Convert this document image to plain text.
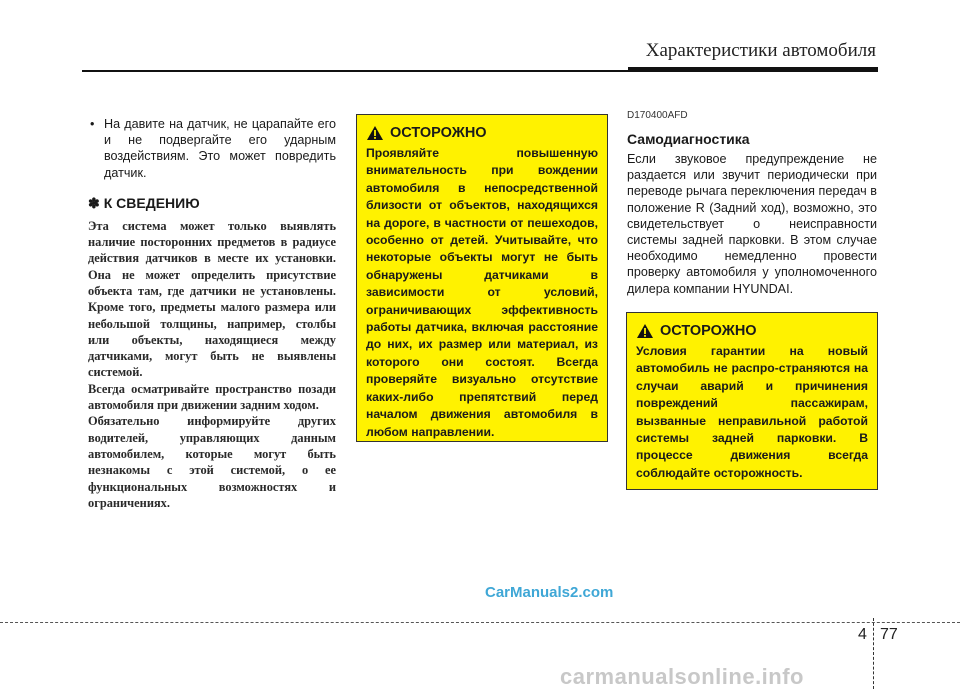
Характеристики автомобиля

• На давите на датчик, не царапайте его и не подвергайте его ударным воздействиям. Это может повредить датчик.

✽ К СВЕДЕНИЮ

Эта система может только выявлять наличие посторонних предметов в радиусе действия датчиков в месте их установки. Она не может определить присутствие объекта там, где датчики не установлены. Кроме того, предметы малого размера или небольшой толщины, например, столбы или объекты, находящиеся между датчиками, могут быть не выявлены системой.

Всегда осматривайте пространство позади автомобиля при движении задним ходом.

Обязательно информируйте других водителей, управляющих данным автомобилем, которые могут быть незнакомы с этой системой, о ее функциональных возможностях и ограничениях.

ОСТОРОЖНО

Проявляйте повышенную внимательность при вождении автомобиля в непосредственной близости от объектов, находящихся на дороге, в частности от пешеходов, особенно от детей. Учитывайте, что некоторые объекты могут не быть обнаружены датчиками в зависимости от условий, ограничивающих эффективность работы датчика, включая расстояние до них, их размер или материал, из которого они состоят. Всегда проверяйте визуально отсутствие каких-либо препятствий перед началом движения автомобиля в любом направлении.

D170400AFD
Самодиагностика
Если звуковое предупреждение не раздается или звучит периодически при переводе рычага переключения передач в положение R (Задний ход), возможно, это свидетельствует о неисправности системы задней парковки. В этом случае необходимо немедленно провести проверку автомобиля у уполномоченного дилера компании HYUNDAI.
ОСТОРОЖНО

Условия гарантии на новый автомобиль не распро-страняются на случаи аварий и причинения повреждений пассажирам, вызванные неправильной работой системы задней парковки. В процессе движения всегда соблюдайте осторожность.

CarManuals2.com
4 77
carmanualsonline.info
